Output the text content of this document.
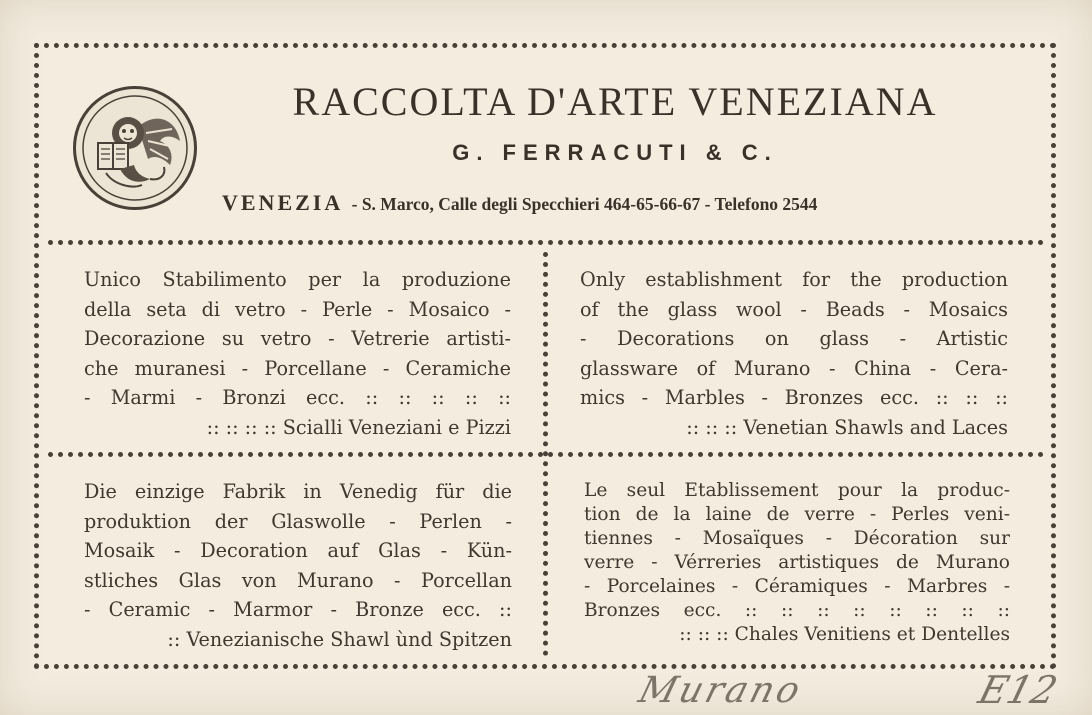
RACCOLTA D'ARTE VENEZIANA
G. FERRACUTI & C.
VENEZIA - S. Marco, Calle degli Specchieri 464-65-66-67 - Telefono 2544
Unico Stabilimento per la produzione
della seta di vetro - Perle - Mosaico -
Decorazione su vetro - Vetrerie artisti-
che muranesi - Porcellane - Ceramiche
- Marmi - Bronzi ecc. :: :: :: :: ::
:: :: :: :: Scialli Veneziani e Pizzi
Only establishment for the production
of the glass wool - Beads - Mosaics
- Decorations on glass - Artistic
glassware of Murano - China - Cera-
mics - Marbles - Bronzes ecc. :: :: ::
:: :: :: Venetian Shawls and Laces
Die einzige Fabrik in Venedig für die
produktion der Glaswolle - Perlen -
Mosaik - Decoration auf Glas - Kün-
stliches Glas von Murano - Porcellan
- Ceramic - Marmor - Bronze ecc. ::
:: Venezianische Shawl ùnd Spitzen
Le seul Etablissement pour la produc-
tion de la laine de verre - Perles veni-
tiennes - Mosaïques - Décoration sur
verre - Vérreries artistiques de Murano
- Porcelaines - Céramiques - Marbres -
Bronzes ecc. :: :: :: :: :: :: :: ::
:: :: :: Chales Venitiens et Dentelles
Murano	E12
